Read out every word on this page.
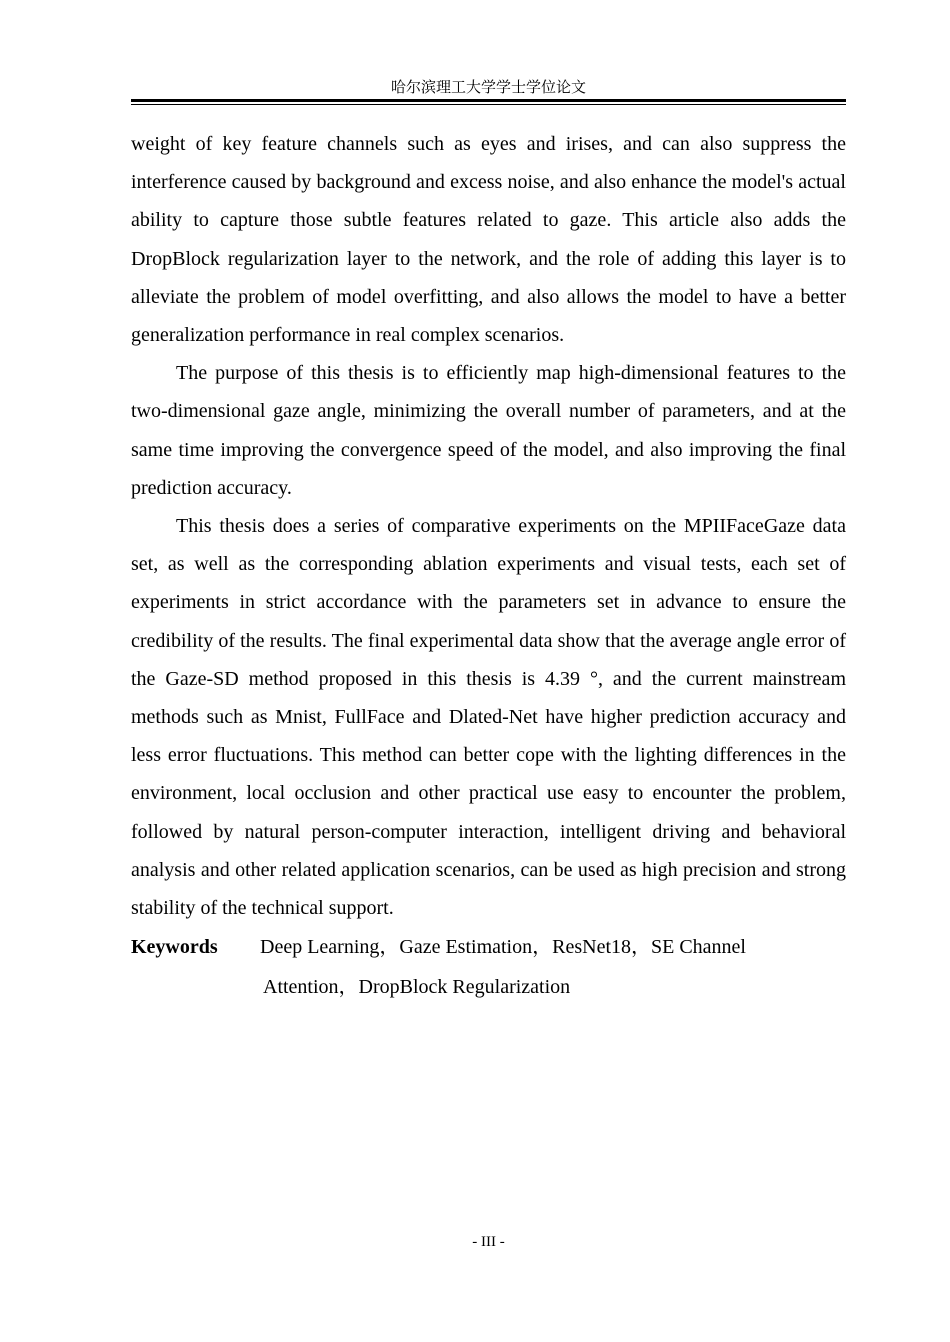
哈尔滨理工大学学士学位论文

weight of key feature channels such as eyes and irises, and can also suppress the interference caused by background and excess noise, and also enhance the model's actual ability to capture those subtle features related to gaze. This article also adds the DropBlock regularization layer to the network, and the role of adding this layer is to alleviate the problem of model overfitting, and also allows the model to have a better generalization performance in real complex scenarios.

The purpose of this thesis is to efficiently map high-dimensional features to the two-dimensional gaze angle, minimizing the overall number of parameters, and at the same time improving the convergence speed of the model, and also improving the final prediction accuracy.

This thesis does a series of comparative experiments on the MPIIFaceGaze data set, as well as the corresponding ablation experiments and visual tests, each set of experiments in strict accordance with the parameters set in advance to ensure the credibility of the results. The final experimental data show that the average angle error of the Gaze-SD method proposed in this thesis is 4.39 °, and the current mainstream methods such as Mnist, FullFace and Dlated-Net have higher prediction accuracy and less error fluctuations. This method can better cope with the lighting differences in the environment, local occlusion and other practical use easy to encounter the problem, followed by natural person-computer interaction, intelligent driving and behavioral analysis and other related application scenarios, can be used as high precision and strong stability of the technical support.

Keywords Deep Learning，Gaze Estimation，ResNet18，SE Channel
Attention，DropBlock Regularization
- III -
